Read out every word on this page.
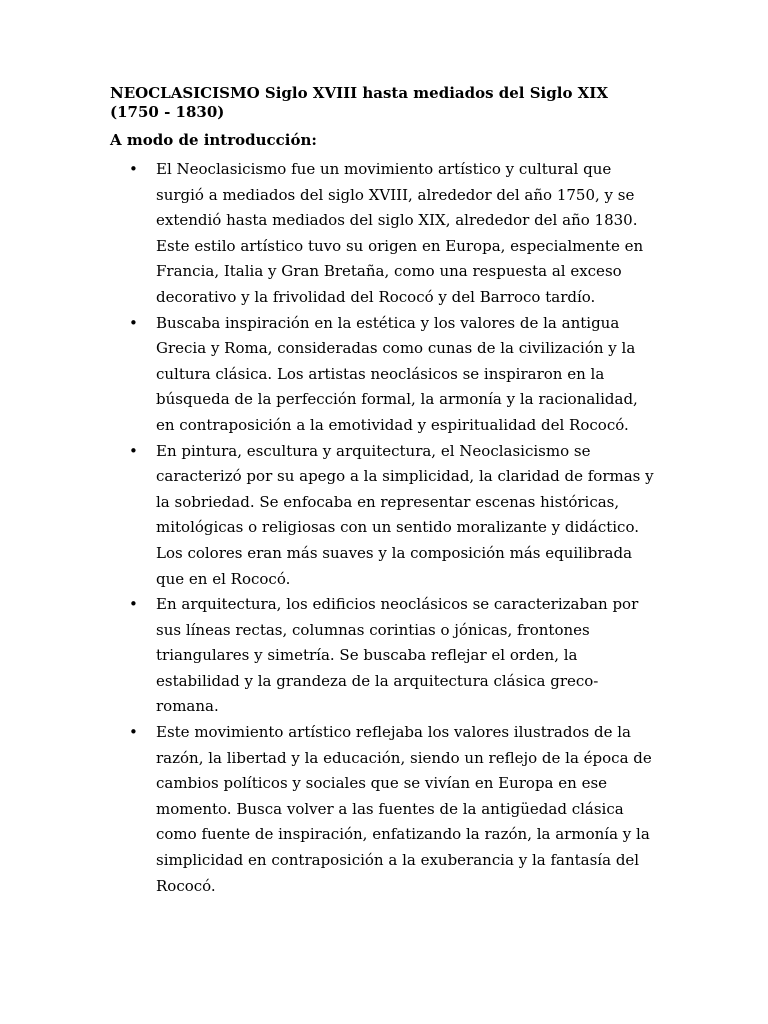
NEOCLASICISMO Siglo XVIII hasta mediados del Siglo XIX (1750 - 1830)

A modo de introducción:

• El Neoclasicismo fue un movimiento artístico y cultural que surgió a mediados del siglo XVIII, alrededor del año 1750, y se extendió hasta mediados del siglo XIX, alrededor del año 1830. Este estilo artístico tuvo su origen en Europa, especialmente en Francia, Italia y Gran Bretaña, como una respuesta al exceso decorativo y la frivolidad del Rococó y del Barroco tardío.
• Buscaba inspiración en la estética y los valores de la antigua Grecia y Roma, consideradas como cunas de la civilización y la cultura clásica. Los artistas neoclásicos se inspiraron en la búsqueda de la perfección formal, la armonía y la racionalidad, en contraposición a la emotividad y espiritualidad del Rococó.
• En pintura, escultura y arquitectura, el Neoclasicismo se caracterizó por su apego a la simplicidad, la claridad de formas y la sobriedad. Se enfocaba en representar escenas históricas, mitológicas o religiosas con un sentido moralizante y didáctico. Los colores eran más suaves y la composición más equilibrada que en el Rococó.
• En arquitectura, los edificios neoclásicos se caracterizaban por sus líneas rectas, columnas corintias o jónicas, frontones triangulares y simetría. Se buscaba reflejar el orden, la estabilidad y la grandeza de la arquitectura clásica greco-romana.
• Este movimiento artístico reflejaba los valores ilustrados de la razón, la libertad y la educación, siendo un reflejo de la época de cambios políticos y sociales que se vivían en Europa en ese momento. Busca volver a las fuentes de la antigüedad clásica como fuente de inspiración, enfatizando la razón, la armonía y la simplicidad en contraposición a la exuberancia y la fantasía del Rococó.
